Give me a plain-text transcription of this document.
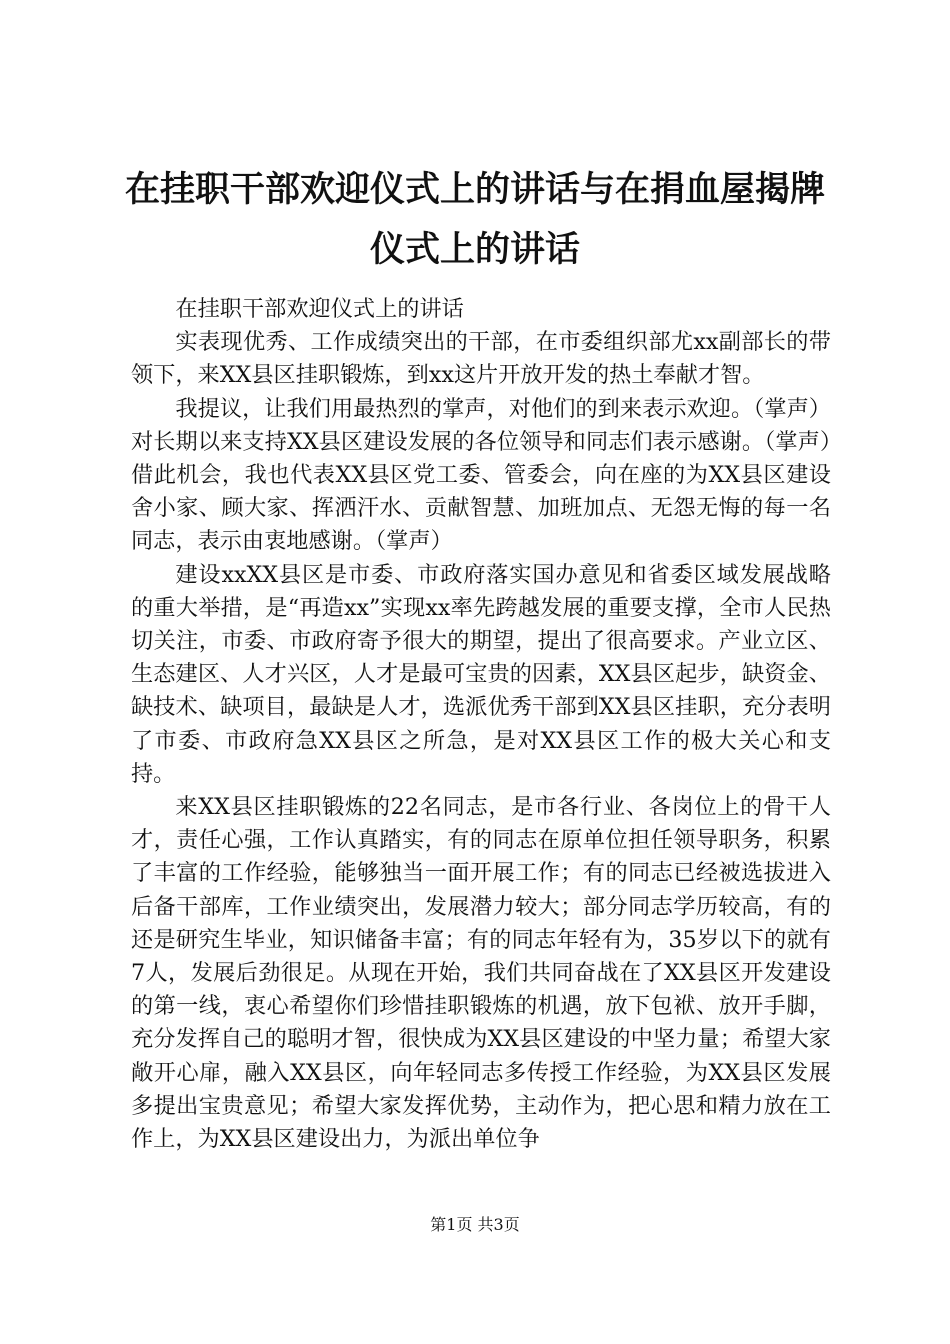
在挂职干部欢迎仪式上的讲话与在捐血屋揭牌
仪式上的讲话

在挂职干部欢迎仪式上的讲话

实表现优秀、工作成绩突出的干部，在市委组织部尤xx副部长的带领下，来XX县区挂职锻炼，到xx这片开放开发的热土奉献才智。

我提议，让我们用最热烈的掌声，对他们的到来表示欢迎。（掌声）对长期以来支持XX县区建设发展的各位领导和同志们表示感谢。（掌声）借此机会，我也代表XX县区党工委、管委会，向在座的为XX县区建设舍小家、顾大家、挥洒汗水、贡献智慧、加班加点、无怨无悔的每一名同志，表示由衷地感谢。（掌声）

建设xxXX县区是市委、市政府落实国办意见和省委区域发展战略的重大举措，是“再造xx”实现xx率先跨越发展的重要支撑，全市人民热切关注，市委、市政府寄予很大的期望，提出了很高要求。产业立区、生态建区、人才兴区，人才是最可宝贵的因素，XX县区起步，缺资金、缺技术、缺项目，最缺是人才，选派优秀干部到XX县区挂职，充分表明了市委、市政府急XX县区之所急，是对XX县区工作的极大关心和支持。

来XX县区挂职锻炼的22名同志，是市各行业、各岗位上的骨干人才，责任心强，工作认真踏实，有的同志在原单位担任领导职务，积累了丰富的工作经验，能够独当一面开展工作；有的同志已经被选拔进入后备干部库，工作业绩突出，发展潜力较大；部分同志学历较高，有的还是研究生毕业，知识储备丰富；有的同志年轻有为，35岁以下的就有7人，发展后劲很足。从现在开始，我们共同奋战在了XX县区开发建设的第一线，衷心希望你们珍惜挂职锻炼的机遇，放下包袱、放开手脚，充分发挥自己的聪明才智，很快成为XX县区建设的中坚力量；希望大家敞开心扉，融入XX县区，向年轻同志多传授工作经验，为XX县区发展多提出宝贵意见；希望大家发挥优势，主动作为，把心思和精力放在工作上，为XX县区建设出力，为派出单位争

第1页 共3页
